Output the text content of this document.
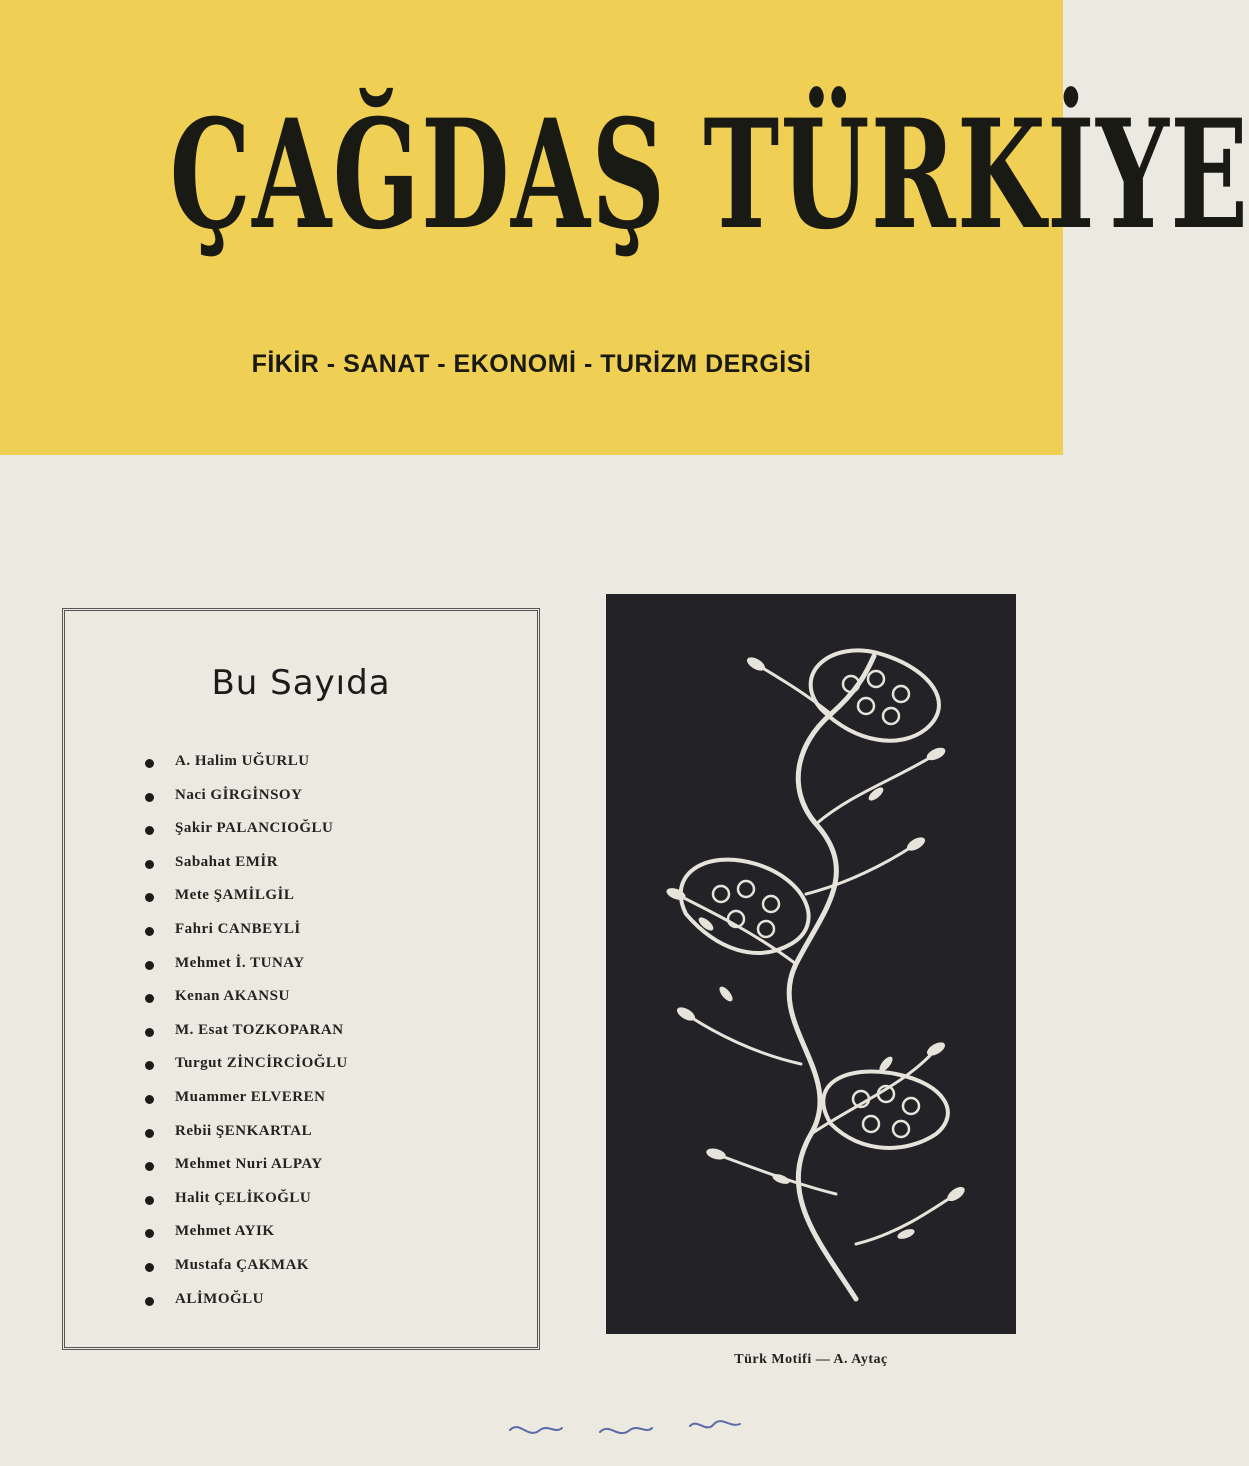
ÇAĞDAŞ TÜRKİYE
FİKİR - SANAT - EKONOMİ - TURİZM DERGİSİ
Bu Sayıda
A. Halim UĞURLU
Naci GİRGİNSOY
Şakir PALANCIOĞLU
Sabahat EMİR
Mete ŞAMİLGİL
Fahri CANBEYLİ
Mehmet İ. TUNAY
Kenan AKANSU
M. Esat TOZKOPARAN
Turgut ZİNCİRCİOĞLU
Muammer ELVEREN
Rebii ŞENKARTAL
Mehmet Nuri ALPAY
Halit ÇELİKOĞLU
Mehmet AYIK
Mustafa ÇAKMAK
ALİMOĞLU
Türk Motifi — A. Aytaç
